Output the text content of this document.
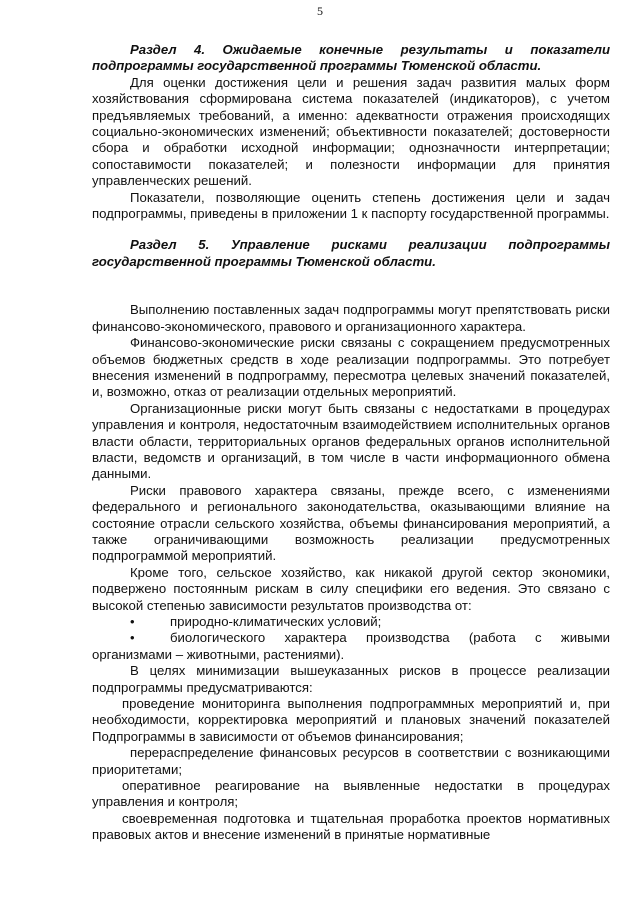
5

Раздел 4. Ожидаемые конечные результаты и показатели подпрограммы государственной программы Тюменской области.

Для оценки достижения цели и решения задач развития малых форм хозяйствования сформирована система показателей (индикаторов), с учетом предъявляемых требований, а именно: адекватности отражения происходящих социально-экономических изменений; объективности показателей; достоверности сбора и обработки исходной информации; однозначности интерпретации; сопоставимости показателей; и полезности информации для принятия управленческих решений.

Показатели, позволяющие оценить степень достижения цели и задач подпрограммы, приведены в приложении 1 к паспорту государственной программы.

Раздел 5. Управление рисками реализации подпрограммы государственной программы Тюменской области.

Выполнению поставленных задач подпрограммы могут препятствовать риски финансово-экономического, правового и организационного характера.

Финансово-экономические риски связаны с сокращением предусмотренных объемов бюджетных средств в ходе реализации подпрограммы. Это потребует внесения изменений в подпрограмму, пересмотра целевых значений показателей, и, возможно, отказ от реализации отдельных мероприятий.

Организационные риски могут быть связаны с недостатками в процедурах управления и контроля, недостаточным взаимодействием исполнительных органов власти области, территориальных органов федеральных органов исполнительной власти, ведомств и организаций, в том числе в части информационного обмена данными.

Риски правового характера связаны, прежде всего, с изменениями федерального и регионального законодательства, оказывающими влияние на состояние отрасли сельского хозяйства, объемы финансирования мероприятий, а также ограничивающими возможность реализации предусмотренных подпрограммой мероприятий.

Кроме того, сельское хозяйство, как никакой другой сектор экономики, подвержено постоянным рискам в силу специфики его ведения. Это связано с высокой степенью зависимости результатов производства от:

•	природно-климатических условий;

•	биологического характера производства (работа с живыми организмами – животными, растениями).

В целях минимизации вышеуказанных рисков в процессе реализации подпрограммы предусматриваются:

проведение мониторинга выполнения подпрограммных мероприятий и, при необходимости, корректировка мероприятий и плановых значений показателей Подпрограммы в зависимости от объемов финансирования;

перераспределение финансовых ресурсов в соответствии с возникающими приоритетами;

оперативное реагирование на выявленные недостатки в процедурах управления и контроля;

своевременная подготовка и тщательная проработка проектов нормативных правовых актов и внесение изменений в принятые нормативные
